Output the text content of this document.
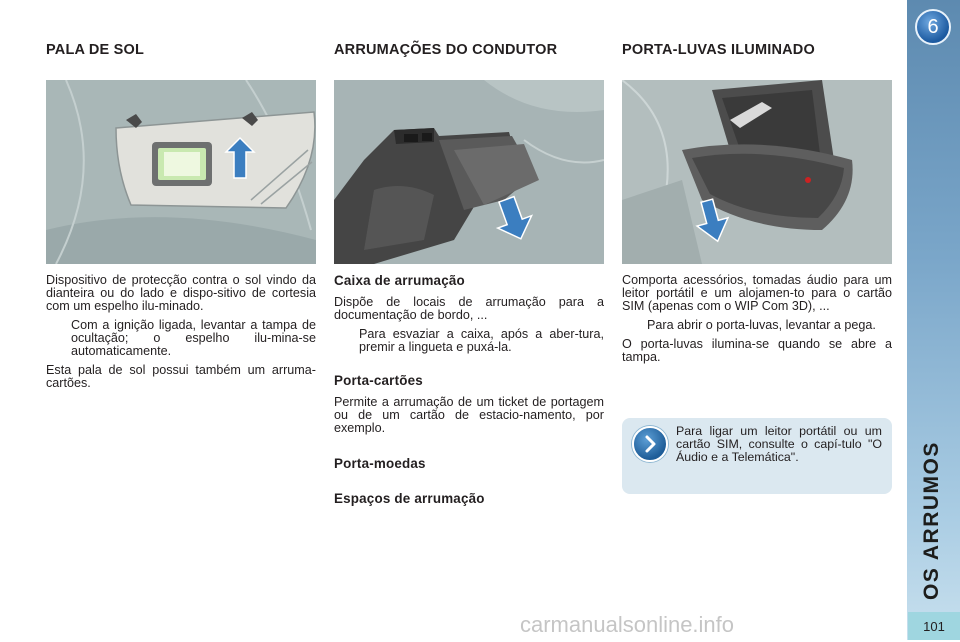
6
OS ARRUMOS
101
PALA DE SOL

Dispositivo de protecção contra o sol vindo da dianteira ou do lado e dispo-sitivo de cortesia com um espelho ilu-minado.

Com a ignição ligada, levantar a tampa de ocultação; o espelho ilu-mina-se automaticamente.

Esta pala de sol possui também um arruma-cartões.

ARRUMAÇÕES DO CONDUTOR
Caixa de arrumação

Dispõe de locais de arrumação para a documentação de bordo, ...

Para esvaziar a caixa, após a aber-tura, premir a lingueta e puxá-la.
Porta-cartões

Permite a arrumação de um ticket de portagem ou de um cartão de estacio-namento, por exemplo.

Porta-moedas
Espaços de arrumação
PORTA-LUVAS ILUMINADO

Comporta acessórios, tomadas áudio para um leitor portátil e um alojamen-to para o cartão SIM (apenas com o WIP Com 3D), ...

Para abrir o porta-luvas, levantar a pega.

O porta-luvas ilumina-se quando se abre a tampa.

Para ligar um leitor portátil ou um cartão SIM, consulte o capí-tulo "O Áudio e a Telemática".
carmanualsonline.info
